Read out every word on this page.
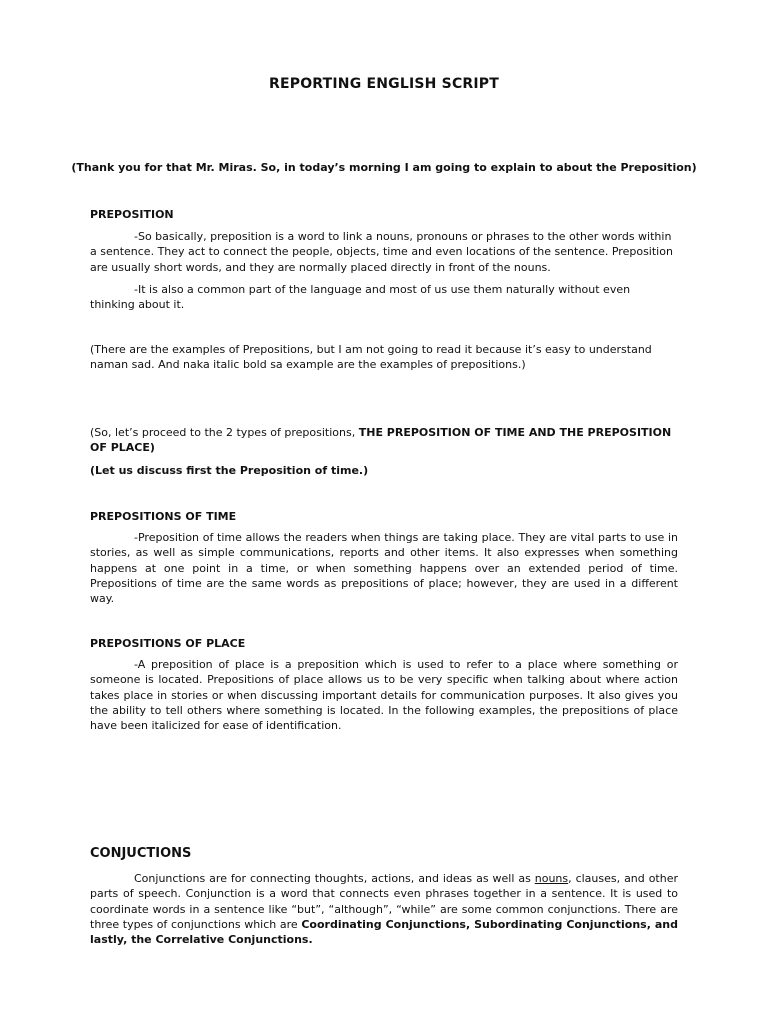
REPORTING ENGLISH SCRIPT

(Thank you for that Mr. Miras. So, in today’s morning I am going to explain to about the Preposition)

PREPOSITION

-So basically, preposition is a word to link a nouns, pronouns or phrases to the other words within a sentence. They act to connect the people, objects, time and even locations of the sentence. Preposition are usually short words, and they are normally placed directly in front of the nouns.

-It is also a common part of the language and most of us use them naturally without even thinking about it.

(There are the examples of Prepositions, but I am not going to read it because it’s easy to understand naman sad. And naka italic bold sa example are the examples of prepositions.)

(So, let’s proceed to the 2 types of prepositions, THE PREPOSITION OF TIME AND THE PREPOSITION OF PLACE)

(Let us discuss first the Preposition of time.)

PREPOSITIONS OF TIME

-Preposition of time allows the readers when things are taking place. They are vital parts to use in stories, as well as simple communications, reports and other items. It also expresses when something happens at one point in a time, or when something happens over an extended period of time. Prepositions of time are the same words as prepositions of place; however, they are used in a different way.

PREPOSITIONS OF PLACE

-A preposition of place is a preposition which is used to refer to a place where something or someone is located. Prepositions of place allows us to be very specific when talking about where action takes place in stories or when discussing important details for communication purposes. It also gives you the ability to tell others where something is located. In the following examples, the prepositions of place have been italicized for ease of identification.

CONJUCTIONS

Conjunctions are for connecting thoughts, actions, and ideas as well as nouns, clauses, and other parts of speech. Conjunction is a word that connects even phrases together in a sentence. It is used to coordinate words in a sentence like “but”, “although”, “while” are some common conjunctions. There are three types of conjunctions which are Coordinating Conjunctions, Subordinating Conjunctions, and lastly, the Correlative Conjunctions.
